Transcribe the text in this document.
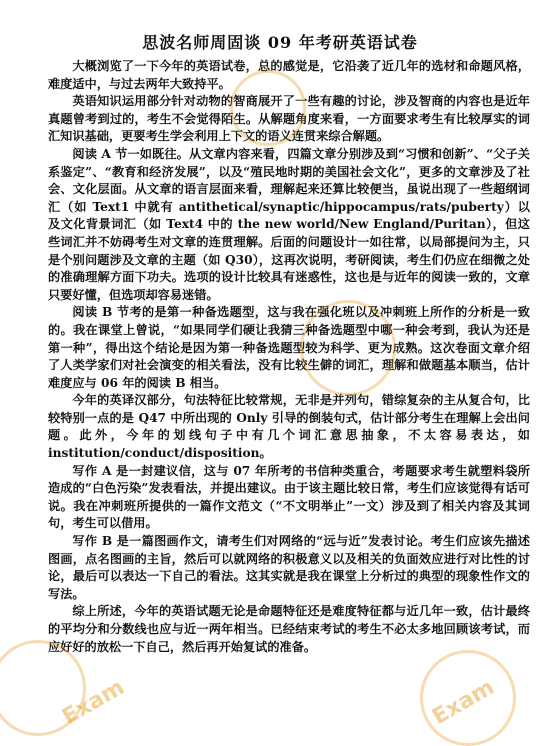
思波名师周固谈 09 年考研英语试卷

大概浏览了一下今年的英语试卷，总的感觉是，它沿袭了近几年的选材和命题风格，难度适中，与过去两年大致持平。

英语知识运用部分针对动物的智商展开了一些有趣的讨论，涉及智商的内容也是近年真题曾考到过的，考生不会觉得陌生。从解题角度来看，一方面要求考生有比较厚实的词汇知识基础，更要考生学会利用上下文的语义连贯来综合解题。

阅读 A 节一如既往。从文章内容来看，四篇文章分别涉及到“习惯和创新”、“父子关系鉴定”、“教育和经济发展”，以及“殖民地时期的美国社会文化”，更多的文章涉及了社会、文化层面。从文章的语言层面来看，理解起来还算比较便当，虽说出现了一些超纲词汇（如 Text1 中就有 antithetical/synaptic/hippocampus/rats/puberty）以及文化背景词汇（如 Text4 中的 the new world/New England/Puritan），但这些词汇并不妨碍考生对文章的连贯理解。后面的问题设计一如往常，以局部提问为主，只是个别问题涉及文章的主题（如 Q30），这再次说明，考研阅读，考生们仍应在细微之处的准确理解方面下功夫。选项的设计比较具有迷惑性，这也是与近年的阅读一致的，文章只要好懂，但选项却容易迷错。

阅读 B 节考的是第一种备选题型，这与我在强化班以及冲刺班上所作的分析是一致的。我在课堂上曾说，“如果同学们硬让我猜三种备选题型中哪一种会考到，我认为还是第一种”，得出这个结论是因为第一种备选题型较为科学、更为成熟。这次卷面文章介绍了人类学家们对社会演变的相关看法，没有比较生僻的词汇，理解和做题基本顺当，估计难度应与 06 年的阅读 B 相当。

今年的英译汉部分，句法特征比较常规，无非是并列句，错综复杂的主从复合句，比较特别一点的是 Q47 中所出现的 Only 引导的倒装句式，估计部分考生在理解上会出问题。此外，今年的划线句子中有几个词汇意思抽象，不太容易表达，如 institution/conduct/disposition。

写作 A 是一封建议信，这与 07 年所考的书信种类重合，考题要求考生就塑料袋所造成的“白色污染”发表看法，并提出建议。由于该主题比较日常，考生们应该觉得有话可说。我在冲刺班所提供的一篇作文范文（“不文明举止”一文）涉及到了相关内容及其词句，考生可以借用。

写作 B 是一篇图画作文，请考生们对网络的“远与近”发表讨论。考生们应该先描述图画，点名图画的主旨，然后可以就网络的积极意义以及相关的负面效应进行对比性的讨论，最后可以表达一下自己的看法。这其实就是我在课堂上分析过的典型的现象性作文的写法。

综上所述，今年的英语试题无论是命题特征还是难度特征都与近几年一致，估计最终的平均分和分数线也应与近一两年相当。已经结束考试的考生不必太多地回顾该考试，而应好好的放松一下自己，然后再开始复试的准备。

Exam	Exam
